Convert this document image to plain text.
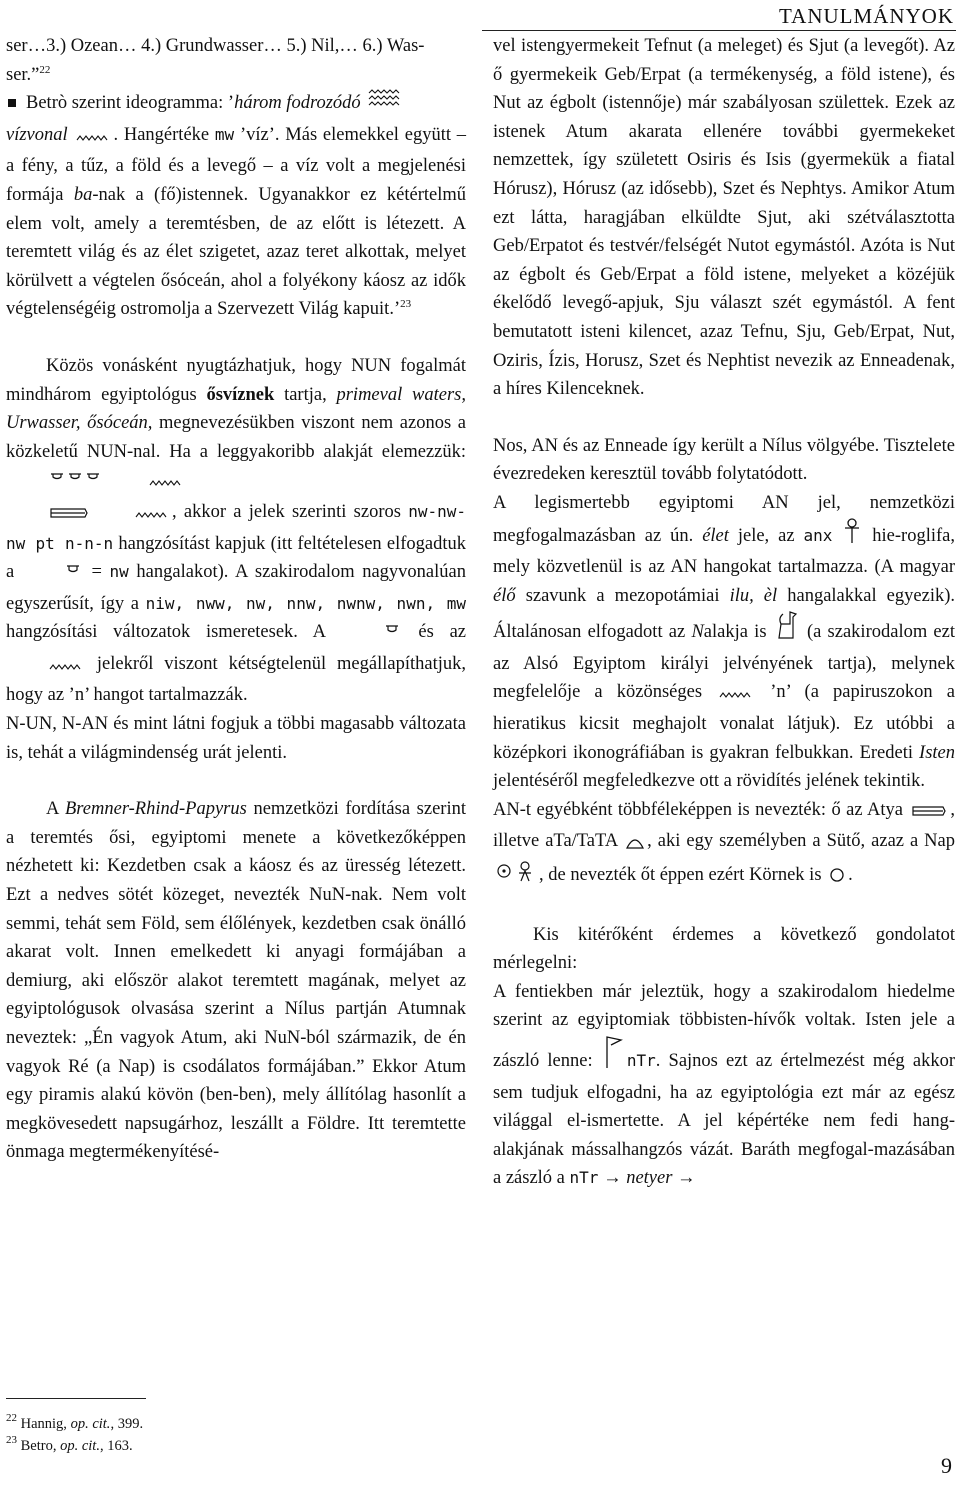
TANULMÁNYOK

ser…3.) Ozean… 4.) Grundwasser… 5.) Nil,… 6.) Was-
ser.”$^{22}$

Betrò szerint ideogramma: ’három fodrozódó
vízvonal . Hangértéke mw ’víz’. Más elemekkel együtt – a fény, a tűz, a föld és a levegő – a víz volt a megjelenési formája ba-nak a (fő)istennek. Ugyanakkor ez kétértelmű elem volt, amely a teremtésben, de az előtt is létezett. A teremtett világ és az élet szigetet, azaz teret alkottak, melyet körülvett a végtelen ősóceán, ahol a folyékony káosz az idők végtelenségéig ostromolja a Szervezett Világ kapuit.’$^{23}$

Közös vonásként nyugtázhatjuk, hogy NUN fogalmát mindhárom egyiptológus ősvíznek tartja, primeval waters, Urwasser, ősóceán, megnevezésükben viszont nem azonos a közkeletű NUN-nal. Ha a leggyakoribb alakját elemezzük:
, akkor a jelek szerinti szoros nw-nw-nw pt n-n-n hangzósítást kapjuk (itt feltételesen elfogadtuk a	= nw hangalakot). A szakirodalom nagyvonalúan egyszerűsít, így a niw, nww, nw, nnw, nwnw, nwn, mw hangzósítási változatok ismeretesek. A	és az  jelekről viszont kétségtelenül megállapíthatjuk, hogy az ’n’ hangot tartalmazzák.

N-UN, N-AN és mint látni fogjuk a többi magasabb változata is, tehát a világmindenség urát jelenti.

A Bremner-Rhind-Papyrus nemzetközi fordítása szerint a teremtés ősi, egyiptomi menete a következőképpen nézhetett ki: Kezdetben csak a káosz és az üresség létezett. Ezt a nedves sötét közeget, nevezték NuN-nak. Nem volt semmi, tehát sem Föld, sem élőlények, kezdetben csak önálló akarat volt. Innen emelkedett ki anyagi formájában a demiurg, aki először alakot teremtett magának, melyet az egyiptológusok olvasása szerint a Nílus partján Atumnak neveztek: „Én vagyok Atum, aki NuN-ból származik, de én vagyok Ré (a Nap) is csodálatos formájában.” Ekkor Atum egy piramis alakú kövön (ben-ben), mely állítólag hasonlít a megkövesedett napsugárhoz, leszállt a Földre. Itt teremtette önmaga megtermékenyítésé-

$^{22}$ Hannig, op. cit., 399.
$^{23}$ Betro, op. cit., 163.

vel istengyermekeit Tefnut (a meleget) és Sjut (a levegőt). Az ő gyermekeik Geb/Erpat (a termékenység, a föld istene), és Nut az égbolt (istennője) már szabályosan születtek. Ezek az istenek Atum akarata ellenére további gyermekeket nemzettek, így született Osiris és Isis (gyermekük a fiatal Hórusz), Hórusz (az idősebb), Szet és Nephtys. Amikor Atum ezt látta, haragjában elküldte Sjut, aki szétválasztotta Geb/Erpatot és testvér/felségét Nutot egymástól. Azóta is Nut az égbolt és Geb/Erpat a föld istene, melyeket a közéjük ékelődő levegő-apjuk, Sju választ szét egymástól. A fent bemutatott isteni kilencet, azaz Tefnu, Sju, Geb/Erpat, Nut, Oziris, Ízis, Horusz, Szet és Nephtist nevezik az Enneadenak, a híres Kilenceknek.

Nos, AN és az Enneade így került a Nílus völgyébe. Tisztelete évezredeken keresztül tovább folytatódott.

A legismertebb egyiptomi AN jel, nemzetközi megfogalmazásban az ún. élet jele, az anx  hie-roglifa, mely közvetlenül is az AN hangokat tartalmazza. (A magyar élő szavunk a mezopotámiai ilu, èl hangalakkal egyezik). Általánosan elfogadott az Nalakja is  (a szakirodalom ezt az Alsó Egyiptom királyi jelvényének tartja), melynek megfelelője a közönséges  ’n’ (a papiruszokon a hieratikus kicsit meghajolt vonalat látjuk). Ez utóbbi a középkori ikonográfiában is gyakran felbukkan. Eredeti Isten jelentéséről megfeledkezve ott a rövidítés jelének tekintik.

AN-t egyébként többféleképpen is nevezték: ő az Atya , illetve aTa/TaTA , aki egy személyben a Sütő, azaz a Nap , de nevezték őt éppen ezért Körnek is .

Kis kitérőként érdemes a következő gondolatot mérlegelni:

A fentiekben már jeleztük, hogy a szakirodalom hiedelme szerint az egyiptomiak többisten-hívők voltak. Isten jele a zászló lenne: nTr. Sajnos ezt az értelmezést még akkor sem tudjuk elfogadni, ha az egyiptológia ezt már az egész világgal el-ismertette. A jel képértéke nem fedi hang-alakjának mássalhangzós vázát. Baráth megfogal-mazásában a zászló a nTr → netyer →

9
